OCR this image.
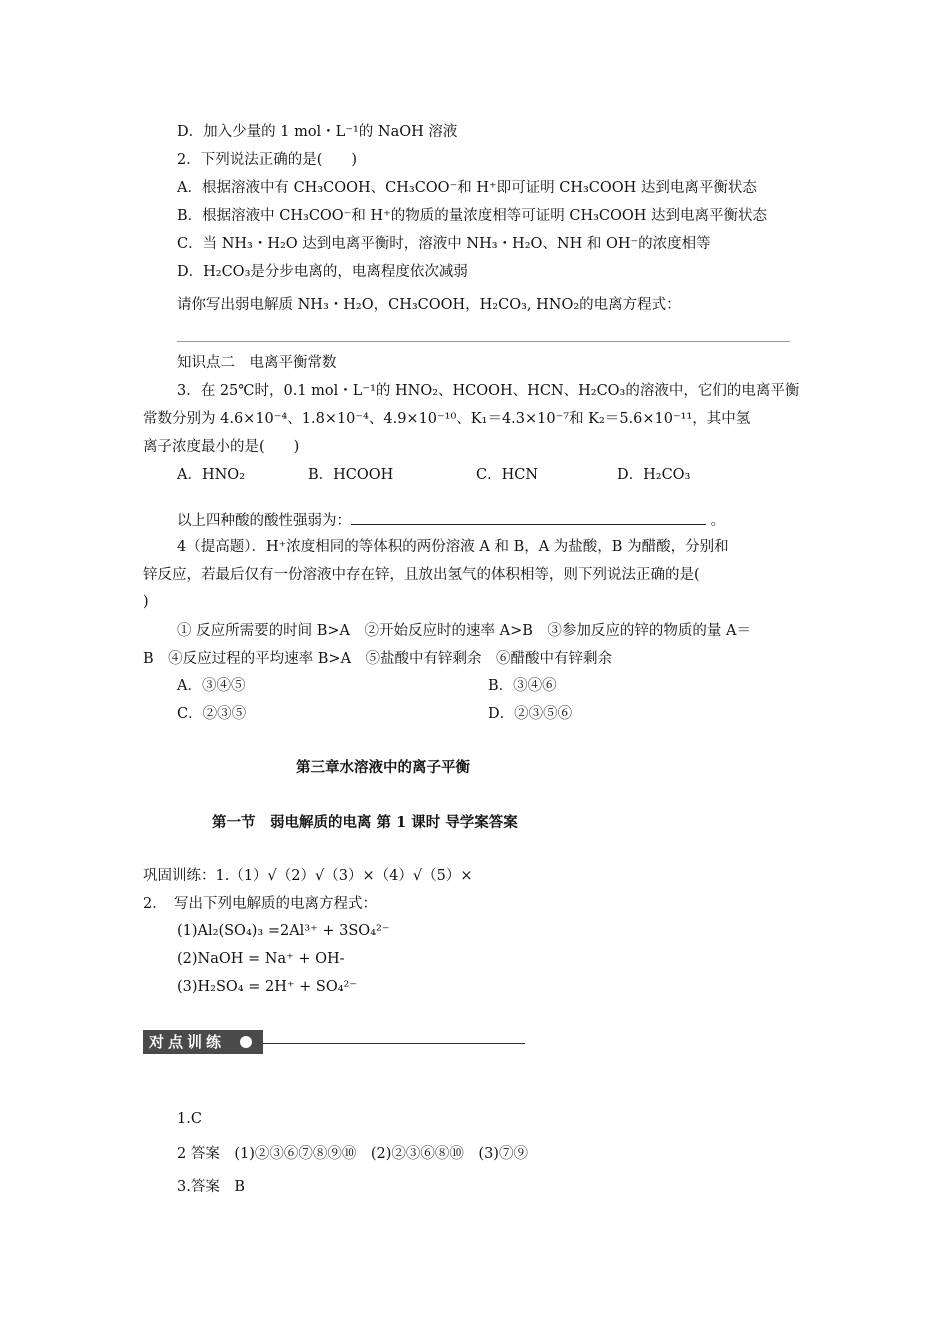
D．加入少量的 1 mol・L⁻¹的 NaOH 溶液
2．下列说法正确的是(　　)
A．根据溶液中有 CH₃COOH、CH₃COO⁻和 H⁺即可证明 CH₃COOH 达到电离平衡状态
B．根据溶液中 CH₃COO⁻和 H⁺的物质的量浓度相等可证明 CH₃COOH 达到电离平衡状态
C．当 NH₃・H₂O 达到电离平衡时，溶液中 NH₃・H₂O、NH 和 OH⁻的浓度相等
D．H₂CO₃是分步电离的，电离程度依次减弱
请你写出弱电解质 NH₃・H₂O，CH₃COOH，H₂CO₃, HNO₂的电离方程式：
知识点二　电离平衡常数
3．在 25℃时，0.1 mol・L⁻¹的 HNO₂、HCOOH、HCN、H₂CO₃的溶液中，它们的电离平衡
常数分别为 4.6×10⁻⁴、1.8×10⁻⁴、4.9×10⁻¹⁰、K₁＝4.3×10⁻⁷和 K₂＝5.6×10⁻¹¹，其中氢
离子浓度最小的是(　　)
A．HNO₂	B．HCOOH	C．HCN	D．H₂CO₃
以上四种酸的酸性强弱为：	。
4（提高题）．H⁺浓度相同的等体积的两份溶液 A 和 B，A 为盐酸，B 为醋酸，分别和
锌反应，若最后仅有一份溶液中存在锌，且放出氢气的体积相等，则下列说法正确的是(
)
① 反应所需要的时间 B>A　②开始反应时的速率 A>B　③参加反应的锌的物质的量 A＝
B　④反应过程的平均速率 B>A　⑤盐酸中有锌剩余　⑥醋酸中有锌剩余
A．③④⑤	B．③④⑥
C．②③⑤	D．②③⑤⑥
第三章水溶液中的离子平衡
第一节　弱电解质的电离 第 1 课时 导学案答案
巩固训练：1.（1）√（2）√（3）×（4）√（5）×
2．　写出下列电解质的电离方程式：
(1)Al₂(SO₄)₃ =2Al³⁺ + 3SO₄²⁻
(2)NaOH = Na⁺ + OH-
(3)H₂SO₄ = 2H⁺ + SO₄²⁻
对点训练
1.C
2 答案　(1)②③⑥⑦⑧⑨⑩　(2)②③⑥⑧⑩　(3)⑦⑨
3.答案　B
